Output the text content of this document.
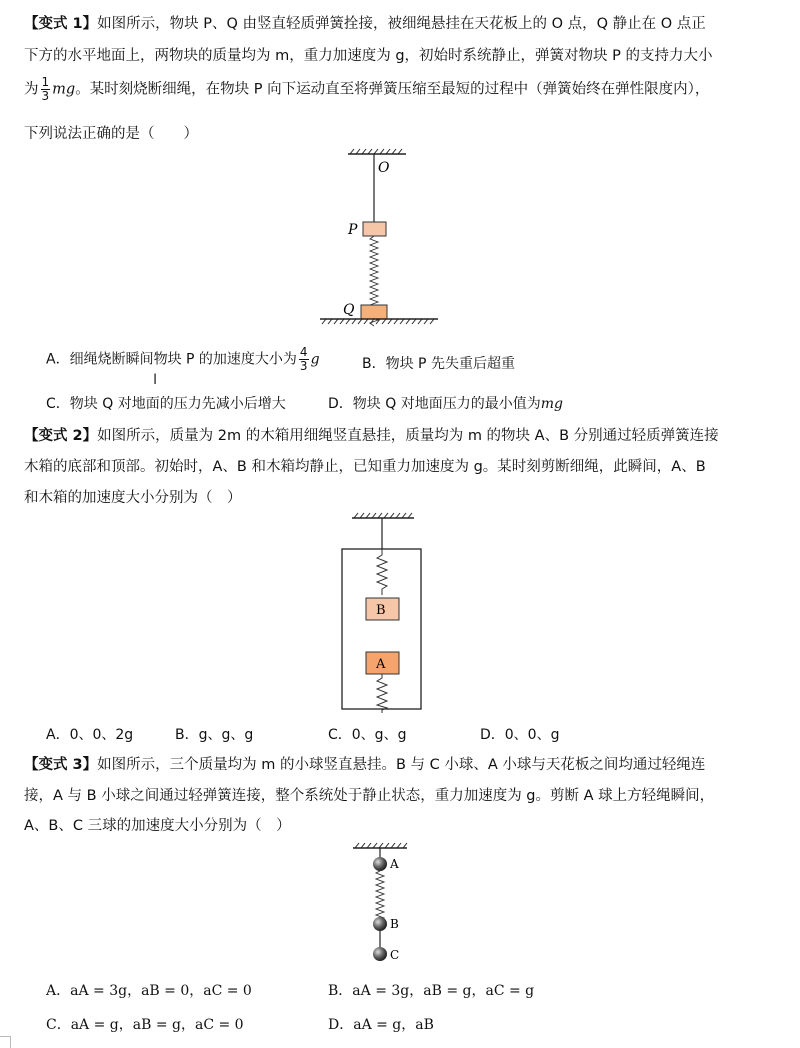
【变式 1】如图所示，物块 P、Q 由竖直轻质弹簧拴接，被细绳悬挂在天花板上的 O 点，Q 静止在 O 点正
下方的水平地面上，两物块的质量均为 m，重力加速度为 g，初始时系统静止，弹簧对物块 P 的支持力大小
为 $\frac{1}{3}$ mg。某时刻烧断细绳，在物块 P 向下运动直至将弹簧压缩至最短的过程中（弹簧始终在弹性限度内），
下列说法正确的是（　　）
O
P
Q
A．细绳烧断瞬间物块 P 的加速度大小为 $\frac{4}{3}$ g	B．物块 P 先失重后超重
C．物块 Q 对地面的压力先减小后增大	D．物块 Q 对地面压力的最小值为mg
I
【变式 2】如图所示，质量为 2m 的木箱用细绳竖直悬挂，质量均为 m 的物块 A、B 分别通过轻质弹簧连接
木箱的底部和顶部。初始时，A、B 和木箱均静止，已知重力加速度为 g。某时刻剪断细绳，此瞬间，A、B
和木箱的加速度大小分别为（　）
B
A
A．0、0、2g	B．g、g、g	C．0、g、g	D．0、0、g
【变式 3】如图所示，三个质量均为 m 的小球竖直悬挂。B 与 C 小球、A 小球与天花板之间均通过轻绳连
接，A 与 B 小球之间通过轻弹簧连接，整个系统处于静止状态，重力加速度为 g。剪断 A 球上方轻绳瞬间，
A、B、C 三球的加速度大小分别为（　）
A
B
C
A．aA = 3g，aB = 0，aC = 0	B．aA = 3g，aB = g，aC = g
C．aA = g，aB = g，aC = 0	D．aA = g，aB
